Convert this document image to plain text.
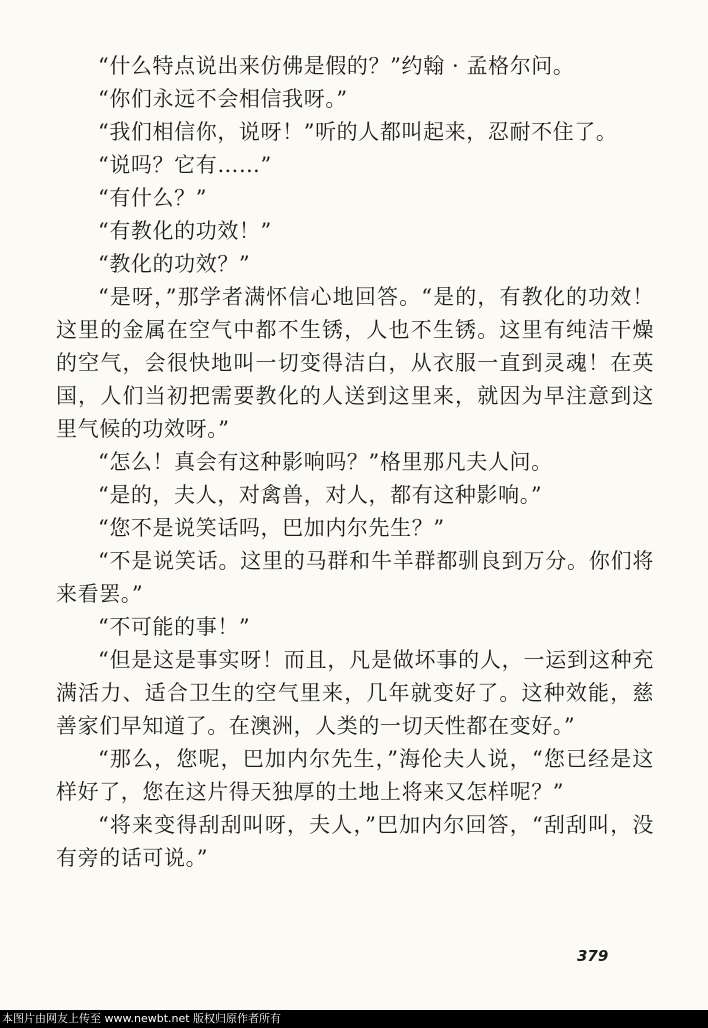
“什么特点说出来仿佛是假的？”约翰 · 孟格尔问。

“你们永远不会相信我呀。”

“我们相信你，说呀！”听的人都叫起来，忍耐不住了。

“说吗？它有……”

“有什么？”

“有教化的功效！”

“教化的功效？”

“是呀，”那学者满怀信心地回答。“是的，有教化的功效！这里的金属在空气中都不生锈，人也不生锈。这里有纯洁干燥的空气，会很快地叫一切变得洁白，从衣服一直到灵魂！在英国，人们当初把需要教化的人送到这里来，就因为早注意到这里气候的功效呀。”

“怎么！真会有这种影响吗？”格里那凡夫人问。

“是的，夫人，对禽兽，对人，都有这种影响。”

“您不是说笑话吗，巴加内尔先生？”

“不是说笑话。这里的马群和牛羊群都驯良到万分。你们将来看罢。”

“不可能的事！”

“但是这是事实呀！而且，凡是做坏事的人，一运到这种充满活力、适合卫生的空气里来，几年就变好了。这种效能，慈善家们早知道了。在澳洲，人类的一切天性都在变好。”

“那么，您呢，巴加内尔先生，”海伦夫人说，“您已经是这样好了，您在这片得天独厚的土地上将来又怎样呢？”

“将来变得刮刮叫呀，夫人，”巴加内尔回答，“刮刮叫，没有旁的话可说。”

379
本图片由网友上传至 www.newbt.net 版权归原作者所有
